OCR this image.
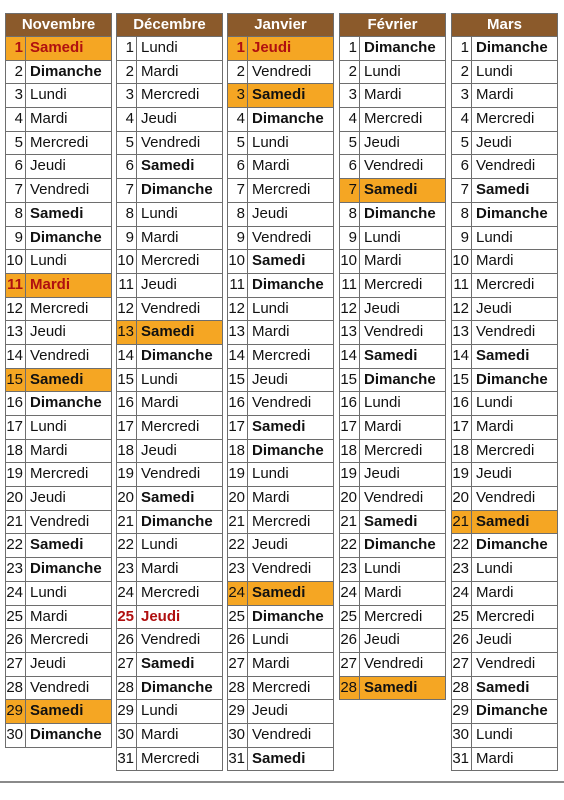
Novembre
1 Samedi
2 Dimanche
3 Lundi
4 Mardi
5 Mercredi
6 Jeudi
7 Vendredi
8 Samedi
9 Dimanche
10 Lundi
11 Mardi
12 Mercredi
13 Jeudi
14 Vendredi
15 Samedi
16 Dimanche
17 Lundi
18 Mardi
19 Mercredi
20 Jeudi
21 Vendredi
22 Samedi
23 Dimanche
24 Lundi
25 Mardi
26 Mercredi
27 Jeudi
28 Vendredi
29 Samedi
30 Dimanche
Décembre
1 Lundi
2 Mardi
3 Mercredi
4 Jeudi
5 Vendredi
6 Samedi
7 Dimanche
8 Lundi
9 Mardi
10 Mercredi
11 Jeudi
12 Vendredi
13 Samedi
14 Dimanche
15 Lundi
16 Mardi
17 Mercredi
18 Jeudi
19 Vendredi
20 Samedi
21 Dimanche
22 Lundi
23 Mardi
24 Mercredi
25 Jeudi
26 Vendredi
27 Samedi
28 Dimanche
29 Lundi
30 Mardi
31 Mercredi
Janvier
1 Jeudi
2 Vendredi
3 Samedi
4 Dimanche
5 Lundi
6 Mardi
7 Mercredi
8 Jeudi
9 Vendredi
10 Samedi
11 Dimanche
12 Lundi
13 Mardi
14 Mercredi
15 Jeudi
16 Vendredi
17 Samedi
18 Dimanche
19 Lundi
20 Mardi
21 Mercredi
22 Jeudi
23 Vendredi
24 Samedi
25 Dimanche
26 Lundi
27 Mardi
28 Mercredi
29 Jeudi
30 Vendredi
31 Samedi
Février
1 Dimanche
2 Lundi
3 Mardi
4 Mercredi
5 Jeudi
6 Vendredi
7 Samedi
8 Dimanche
9 Lundi
10 Mardi
11 Mercredi
12 Jeudi
13 Vendredi
14 Samedi
15 Dimanche
16 Lundi
17 Mardi
18 Mercredi
19 Jeudi
20 Vendredi
21 Samedi
22 Dimanche
23 Lundi
24 Mardi
25 Mercredi
26 Jeudi
27 Vendredi
28 Samedi
Mars
1 Dimanche
2 Lundi
3 Mardi
4 Mercredi
5 Jeudi
6 Vendredi
7 Samedi
8 Dimanche
9 Lundi
10 Mardi
11 Mercredi
12 Jeudi
13 Vendredi
14 Samedi
15 Dimanche
16 Lundi
17 Mardi
18 Mercredi
19 Jeudi
20 Vendredi
21 Samedi
22 Dimanche
23 Lundi
24 Mardi
25 Mercredi
26 Jeudi
27 Vendredi
28 Samedi
29 Dimanche
30 Lundi
31 Mardi
